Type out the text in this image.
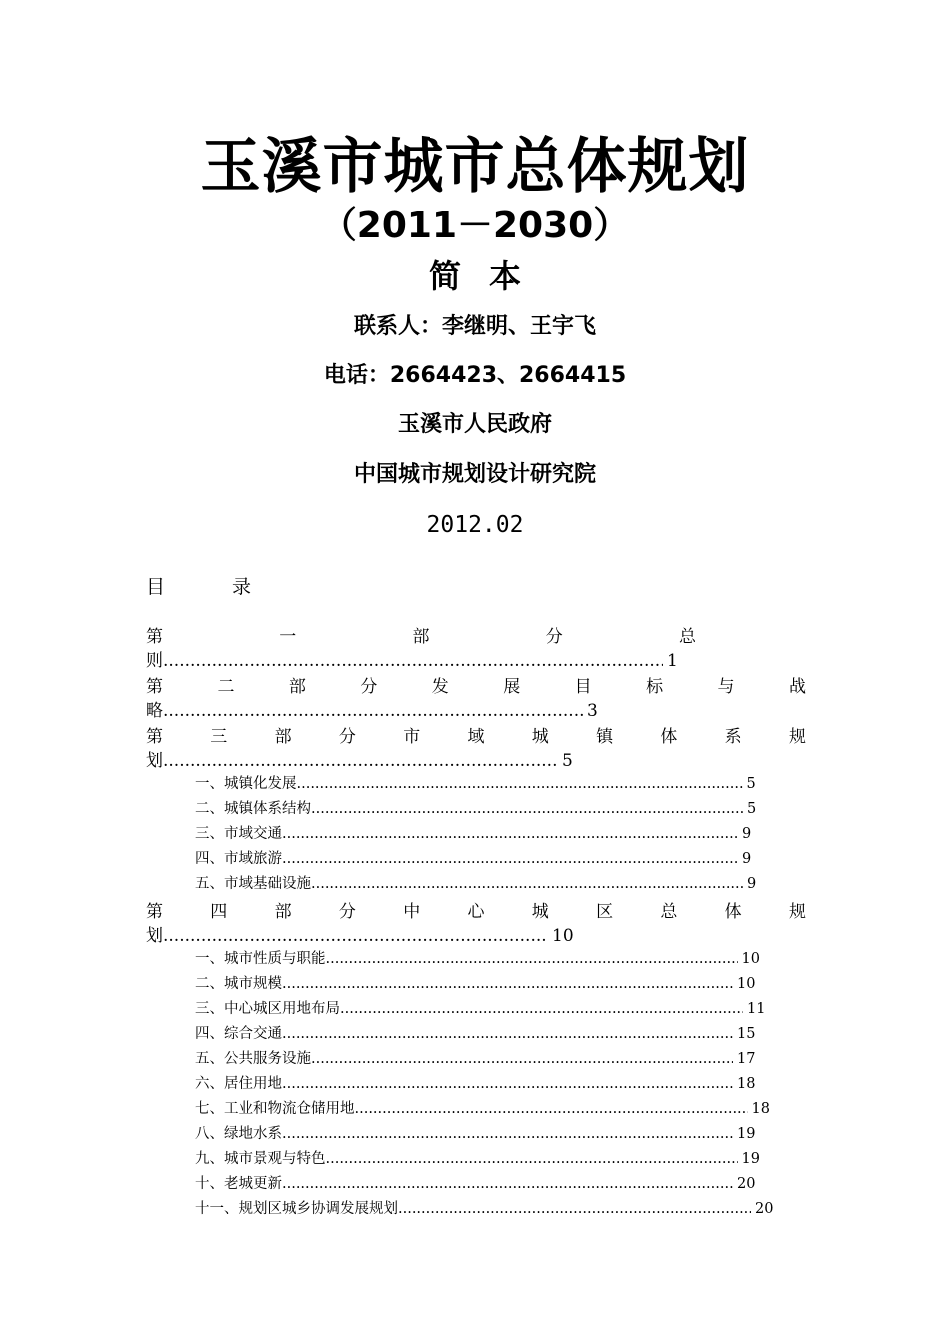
玉溪市城市总体规划
（2011－2030）
简本
联系人：李继明、王宇飞
电话：2664423、2664415
玉溪市人民政府
中国城市规划设计研究院
2012.02
目	录
第	一	部	分	总
则 .....	1
第	二	部	分	发	展	目	标	与	战
略 .....	3
第	三	部	分	市	域	城	镇	体	系	规
划 .....	5
一、城镇化发展 .....	5
二、城镇体系结构 .....	5
三、市域交通 .....	9
四、市域旅游 .....	9
五、市域基础设施 .....	9
第	四	部	分	中	心	城	区	总	体	规
划 .....	10
一、城市性质与职能 .....	10
二、城市规模 .....	10
三、中心城区用地布局 .....	11
四、综合交通 .....	15
五、公共服务设施 .....	17
六、居住用地 .....	18
七、工业和物流仓储用地 .....	18
八、绿地水系 .....	19
九、城市景观与特色 .....	19
十、老城更新 .....	20
十一、规划区城乡协调发展规划 .....	20
